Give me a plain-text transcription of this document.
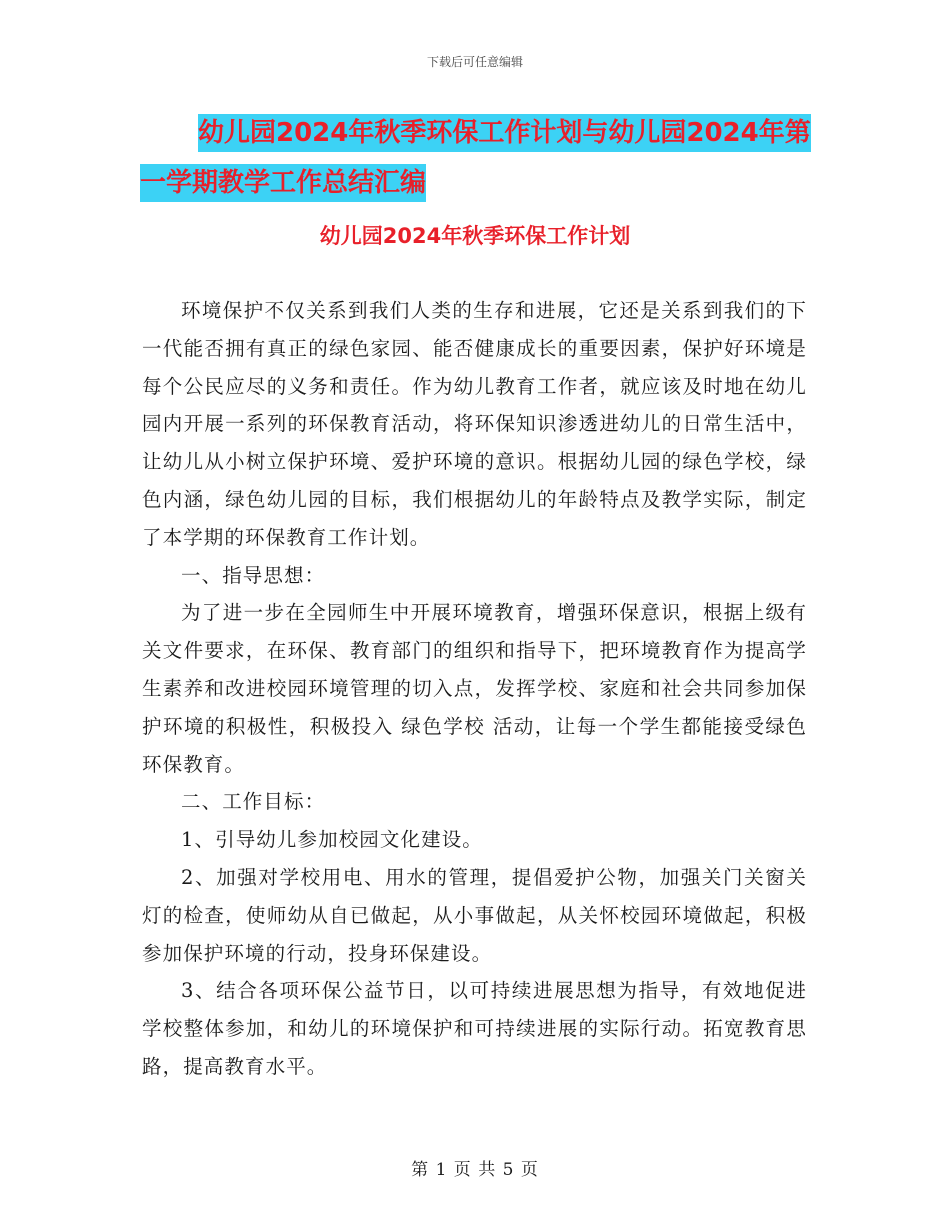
下载后可任意编辑
幼儿园2024年秋季环保工作计划与幼儿园2024年第
一学期教学工作总结汇编
幼儿园2024年秋季环保工作计划

环境保护不仅关系到我们人类的生存和进展，它还是关系到我们的下一代能否拥有真正的绿色家园、能否健康成长的重要因素，保护好环境是每个公民应尽的义务和责任。作为幼儿教育工作者，就应该及时地在幼儿园内开展一系列的环保教育活动，将环保知识渗透进幼儿的日常生活中，让幼儿从小树立保护环境、爱护环境的意识。根据幼儿园的绿色学校，绿色内涵，绿色幼儿园的目标，我们根据幼儿的年龄特点及教学实际，制定了本学期的环保教育工作计划。

一、指导思想：

为了进一步在全园师生中开展环境教育，增强环保意识，根据上级有关文件要求，在环保、教育部门的组织和指导下，把环境教育作为提高学生素养和改进校园环境管理的切入点，发挥学校、家庭和社会共同参加保护环境的积极性，积极投入 绿色学校 活动，让每一个学生都能接受绿色环保教育。

二、工作目标：

1、引导幼儿参加校园文化建设。

2、加强对学校用电、用水的管理，提倡爱护公物，加强关门关窗关灯的检查，使师幼从自已做起，从小事做起，从关怀校园环境做起，积极参加保护环境的行动，投身环保建设。

3、结合各项环保公益节日，以可持续进展思想为指导，有效地促进学校整体参加，和幼儿的环境保护和可持续进展的实际行动。拓宽教育思路，提高教育水平。

第 1 页 共 5 页
